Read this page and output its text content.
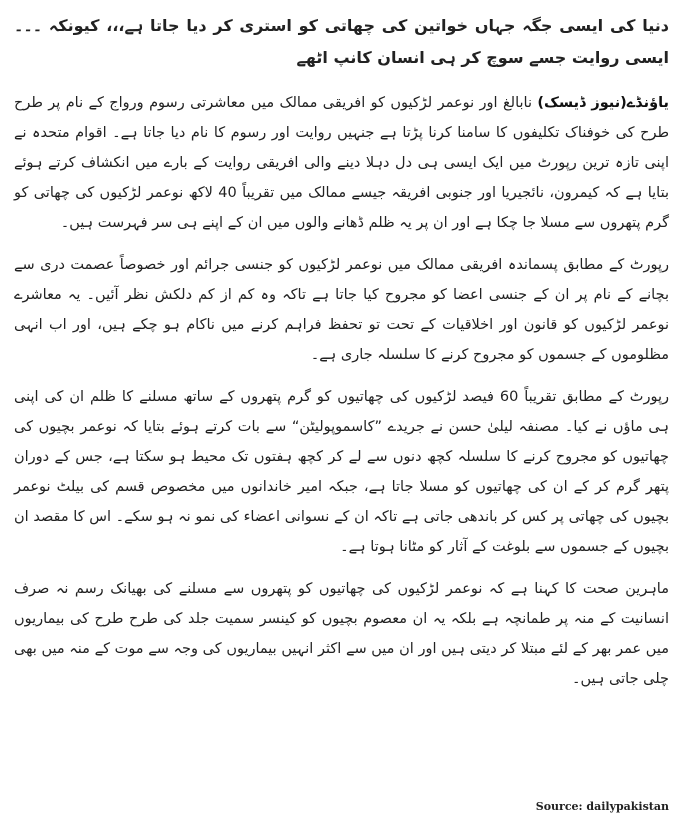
دنیا کی ایسی جگہ جہاں خواتین کی چھاتی کو استری کر دیا جاتا ہے،،، کیونکہ ۔۔۔ ایسی روایت جسے سوچ کر ہی انسان کانپ اٹھے

یاؤنڈے(نیوز ڈیسک) نابالغ اور نوعمر لڑکیوں کو افریقی ممالک میں معاشرتی رسوم ورواج کے نام پر طرح طرح کی خوفناک تکلیفوں کا سامنا کرنا پڑتا ہے جنہیں روایت اور رسوم کا نام دیا جاتا ہے۔ اقوام متحدہ نے اپنی تازہ ترین رپورٹ میں ایک ایسی ہی دل دہلا دینے والی افریقی روایت کے بارے میں انکشاف کرتے ہوئے بتایا ہے کہ کیمرون، نائجیریا اور جنوبی افریقہ جیسے ممالک میں تقریباً 40 لاکھ نوعمر لڑکیوں کی چھاتی کو گرم پتھروں سے مسلا جا چکا ہے اور ان پر یہ ظلم ڈھانے والوں میں ان کے اپنے ہی سر فہرست ہیں۔

رپورٹ کے مطابق پسماندہ افریقی ممالک میں نوعمر لڑکیوں کو جنسی جرائم اور خصوصاً عصمت دری سے بچانے کے نام پر ان کے جنسی اعضا کو مجروح کیا جاتا ہے تاکہ وہ کم از کم دلکش نظر آئیں۔ یہ معاشرے نوعمر لڑکیوں کو قانون اور اخلاقیات کے تحت تو تحفظ فراہم کرنے میں ناکام ہو چکے ہیں، اور اب انہی مظلوموں کے جسموں کو مجروح کرنے کا سلسلہ جاری ہے۔

رپورٹ کے مطابق تقریباً 60 فیصد لڑکیوں کی چھاتیوں کو گرم پتھروں کے ساتھ مسلنے کا ظلم ان کی اپنی ہی ماؤں نے کیا۔ مصنفہ لیلیٰ حسن نے جریدے ”کاسموپولیٹن“ سے بات کرتے ہوئے بتایا کہ نوعمر بچیوں کی چھاتیوں کو مجروح کرنے کا سلسلہ کچھ دنوں سے لے کر کچھ ہفتوں تک محیط ہو سکتا ہے، جس کے دوران پتھر گرم کر کے ان کی چھاتیوں کو مسلا جاتا ہے، جبکہ امیر خاندانوں میں مخصوص قسم کی بیلٹ نوعمر بچیوں کی چھاتی پر کس کر باندھی جاتی ہے تاکہ ان کے نسوانی اعضاء کی نمو نہ ہو سکے۔ اس کا مقصد ان بچیوں کے جسموں سے بلوغت کے آثار کو مٹانا ہوتا ہے۔

ماہرین صحت کا کہنا ہے کہ نوعمر لڑکیوں کی چھاتیوں کو پتھروں سے مسلنے کی بھیانک رسم نہ صرف انسانیت کے منہ پر طمانچہ ہے بلکہ یہ ان معصوم بچیوں کو کینسر سمیت جلد کی طرح طرح کی بیماریوں میں عمر بھر کے لئے مبتلا کر دیتی ہیں اور ان میں سے اکثر انہیں بیماریوں کی وجہ سے موت کے منہ میں بھی چلی جاتی ہیں۔

Source: dailypakistan
